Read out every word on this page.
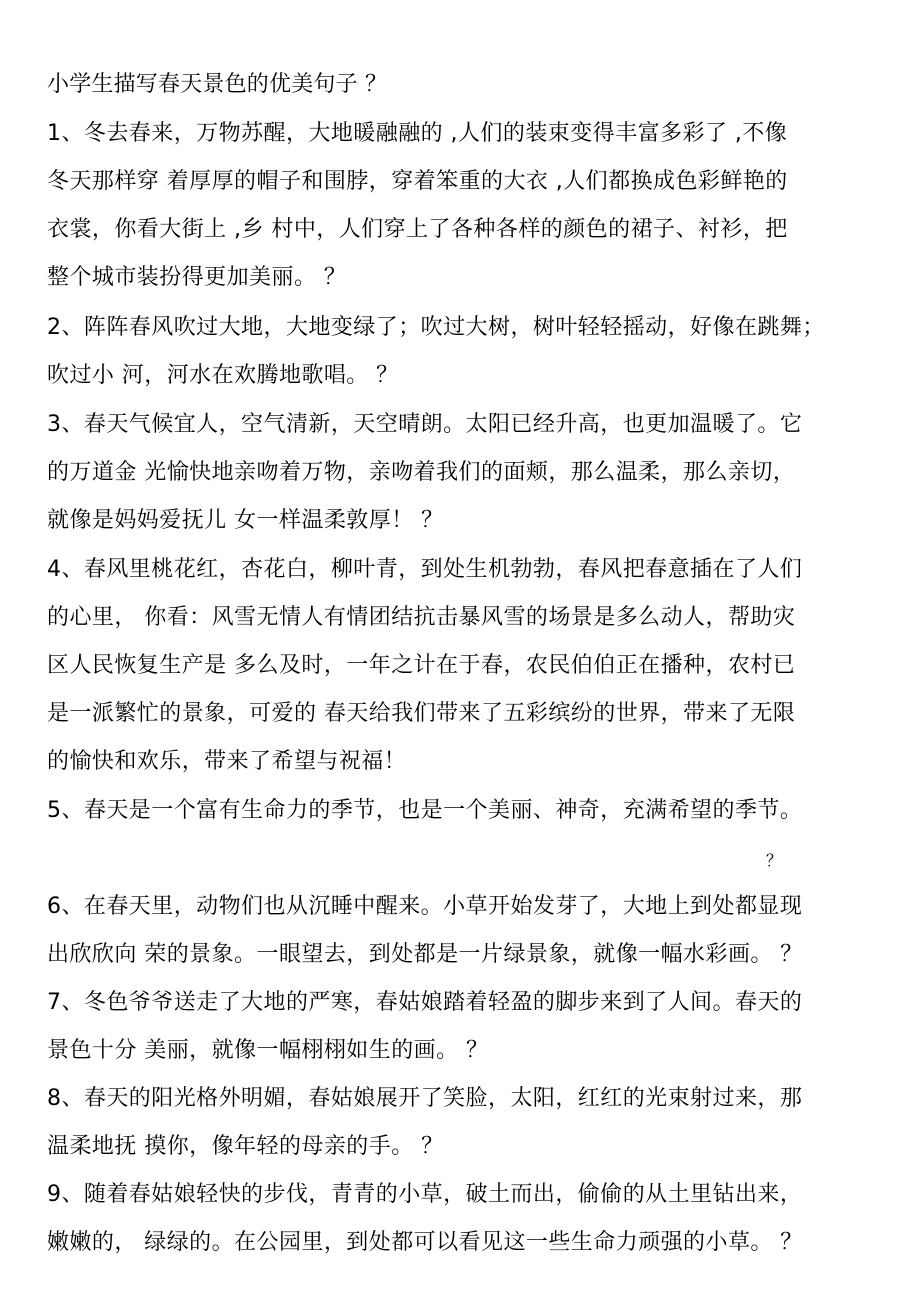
小学生描写春天景色的优美句子 ？
1、冬去春来，万物苏醒，大地暖融融的 ,人们的装束变得丰富多彩了 ,不像
冬天那样穿 着厚厚的帽子和围脖，穿着笨重的大衣 ,人们都换成色彩鲜艳的
衣裳，你看大街上 ,乡 村中，人们穿上了各种各样的颜色的裙子、衬衫，把
整个城市装扮得更加美丽。 ？
2、阵阵春风吹过大地，大地变绿了；吹过大树，树叶轻轻摇动，好像在跳舞；
吹过小 河，河水在欢腾地歌唱。 ？
3、春天气候宜人，空气清新，天空晴朗。太阳已经升高，也更加温暖了。它
的万道金 光愉快地亲吻着万物，亲吻着我们的面颊，那么温柔，那么亲切，
就像是妈妈爱抚儿 女一样温柔敦厚！ ？
4、春风里桃花红，杏花白，柳叶青，到处生机勃勃，春风把春意插在了人们
的心里， 你看：风雪无情人有情团结抗击暴风雪的场景是多么动人，帮助灾
区人民恢复生产是 多么及时，一年之计在于春，农民伯伯正在播种，农村已
是一派繁忙的景象，可爱的 春天给我们带来了五彩缤纷的世界，带来了无限
的愉快和欢乐，带来了希望与祝福！
5、春天是一个富有生命力的季节，也是一个美丽、神奇，充满希望的季节。
？
6、在春天里，动物们也从沉睡中醒来。小草开始发芽了，大地上到处都显现
出欣欣向 荣的景象。一眼望去，到处都是一片绿景象，就像一幅水彩画。 ？
7、冬色爷爷送走了大地的严寒，春姑娘踏着轻盈的脚步来到了人间。春天的
景色十分 美丽，就像一幅栩栩如生的画。 ？
8、春天的阳光格外明媚，春姑娘展开了笑脸，太阳，红红的光束射过来，那
温柔地抚 摸你，像年轻的母亲的手。 ？
9、随着春姑娘轻快的步伐，青青的小草，破土而出，偷偷的从土里钻出来，
嫩嫩的， 绿绿的。在公园里，到处都可以看见这一些生命力顽强的小草。 ？
